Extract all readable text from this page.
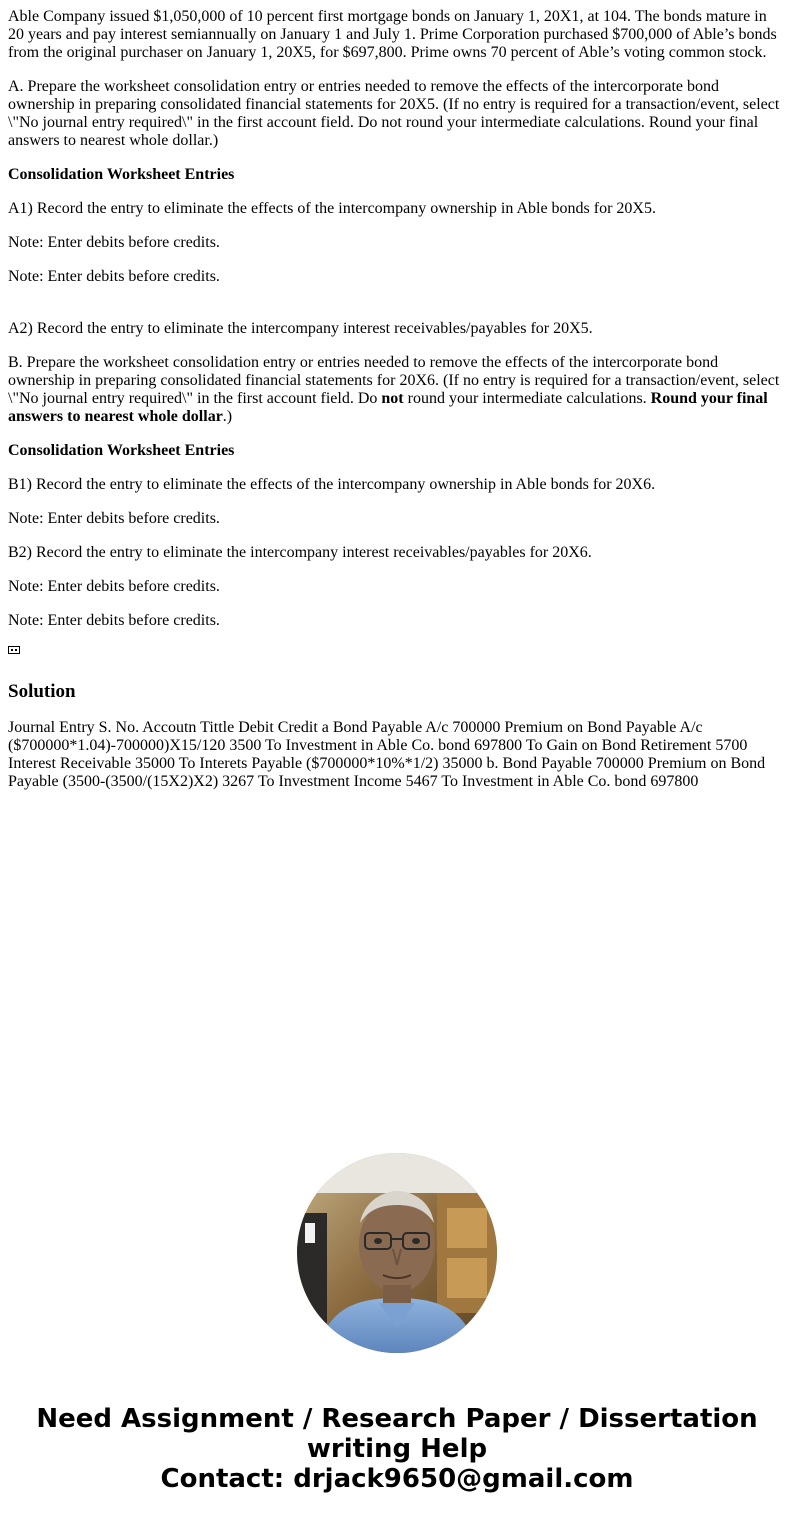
Able Company issued $1,050,000 of 10 percent first mortgage bonds on January 1, 20X1, at 104. The bonds mature in 20 years and pay interest semiannually on January 1 and July 1. Prime Corporation purchased $700,000 of Able’s bonds from the original purchaser on January 1, 20X5, for $697,800. Prime owns 70 percent of Able’s voting common stock.

A. Prepare the worksheet consolidation entry or entries needed to remove the effects of the intercorporate bond ownership in preparing consolidated financial statements for 20X5. (If no entry is required for a transaction/event, select \"No journal entry required\" in the first account field. Do not round your intermediate calculations. Round your final answers to nearest whole dollar.)

Consolidation Worksheet Entries

A1) Record the entry to eliminate the effects of the intercompany ownership in Able bonds for 20X5.

Note: Enter debits before credits.

Note: Enter debits before credits.

A2) Record the entry to eliminate the intercompany interest receivables/payables for 20X5.

B. Prepare the worksheet consolidation entry or entries needed to remove the effects of the intercorporate bond ownership in preparing consolidated financial statements for 20X6. (If no entry is required for a transaction/event, select \"No journal entry required\" in the first account field. Do not round your intermediate calculations. Round your final answers to nearest whole dollar.)

Consolidation Worksheet Entries

B1) Record the entry to eliminate the effects of the intercompany ownership in Able bonds for 20X6.

Note: Enter debits before credits.

B2) Record the entry to eliminate the intercompany interest receivables/payables for 20X6.

Note: Enter debits before credits.

Note: Enter debits before credits.

Solution

Journal Entry S. No. Accoutn Tittle Debit Credit a Bond Payable A/c 700000 Premium on Bond Payable A/c ($700000*1.04)-700000)X15/120 3500 To Investment in Able Co. bond 697800 To Gain on Bond Retirement 5700 Interest Receivable 35000 To Interets Payable ($700000*10%*1/2) 35000 b. Bond Payable 700000 Premium on Bond Payable (3500-(3500/(15X2)X2) 3267 To Investment Income 5467 To Investment in Able Co. bond 697800

Need Assignment / Research Paper / Dissertation
writing Help
Contact: drjack9650@gmail.com
